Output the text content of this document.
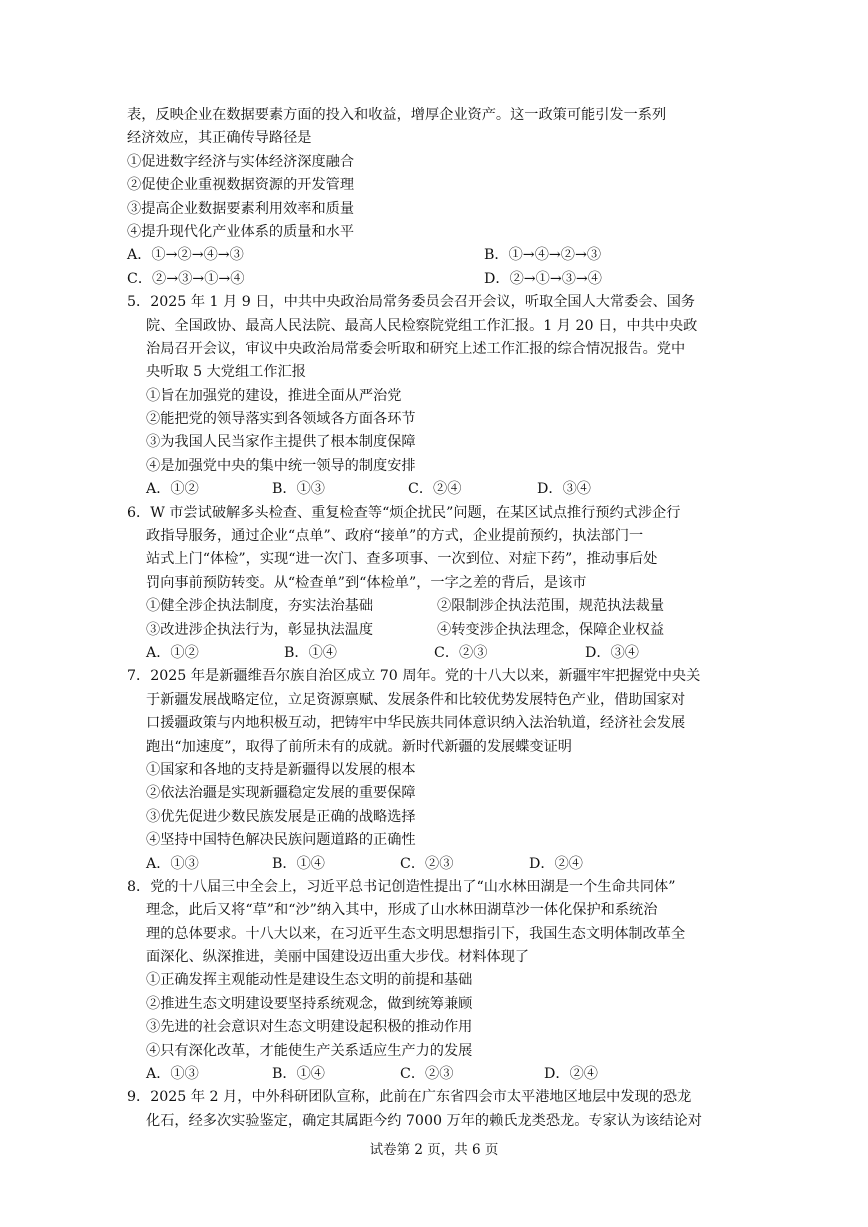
表，反映企业在数据要素方面的投入和收益，增厚企业资产。这一政策可能引发一系列
经济效应，其正确传导路径是
①促进数字经济与实体经济深度融合
②促使企业重视数据资源的开发管理
③提高企业数据要素利用效率和质量
④提升现代化产业体系的质量和水平
A．①→②→④→③	B．①→④→②→③
C．②→③→①→④	D．②→①→③→④
5．2025 年 1 月 9 日，中共中央政治局常务委员会召开会议，听取全国人大常委会、国务
院、全国政协、最高人民法院、最高人民检察院党组工作汇报。1 月 20 日，中共中央政
治局召开会议，审议中央政治局常委会听取和研究上述工作汇报的综合情况报告。党中
央听取 5 大党组工作汇报
①旨在加强党的建设，推进全面从严治党
②能把党的领导落实到各领域各方面各环节
③为我国人民当家作主提供了根本制度保障
④是加强党中央的集中统一领导的制度安排
A．①②	B．①③	C．②④	D．③④
6．W 市尝试破解多头检查、重复检查等“烦企扰民”问题，在某区试点推行预约式涉企行
政指导服务，通过企业“点单”、政府“接单”的方式，企业提前预约，执法部门一
站式上门“体检”，实现“进一次门、查多项事、一次到位、对症下药”，推动事后处
罚向事前预防转变。从“检查单”到“体检单”，一字之差的背后，是该市
①健全涉企执法制度，夯实法治基础	②限制涉企执法范围，规范执法裁量
③改进涉企执法行为，彰显执法温度	④转变涉企执法理念，保障企业权益
A．①②	B．①④	C．②③	D．③④
7．2025 年是新疆维吾尔族自治区成立 70 周年。党的十八大以来，新疆牢牢把握党中央关
于新疆发展战略定位，立足资源禀赋、发展条件和比较优势发展特色产业，借助国家对
口援疆政策与内地积极互动，把铸牢中华民族共同体意识纳入法治轨道，经济社会发展
跑出“加速度”，取得了前所未有的成就。新时代新疆的发展蝶变证明
①国家和各地的支持是新疆得以发展的根本
②依法治疆是实现新疆稳定发展的重要保障
③优先促进少数民族发展是正确的战略选择
④坚持中国特色解决民族问题道路的正确性
A．①③	B．①④	C．②③	D．②④
8．党的十八届三中全会上，习近平总书记创造性提出了“山水林田湖是一个生命共同体”
理念，此后又将“草”和“沙”纳入其中，形成了山水林田湖草沙一体化保护和系统治
理的总体要求。十八大以来，在习近平生态文明思想指引下，我国生态文明体制改革全
面深化、纵深推进，美丽中国建设迈出重大步伐。材料体现了
①正确发挥主观能动性是建设生态文明的前提和基础
②推进生态文明建设要坚持系统观念，做到统筹兼顾
③先进的社会意识对生态文明建设起积极的推动作用
④只有深化改革，才能使生产关系适应生产力的发展
A．①③	B．①④	C．②③	D．②④
9．2025 年 2 月，中外科研团队宣称，此前在广东省四会市太平港地区地层中发现的恐龙
化石，经多次实验鉴定，确定其属距今约 7000 万年的赖氏龙类恐龙。专家认为该结论对
试卷第 2 页，共 6 页
